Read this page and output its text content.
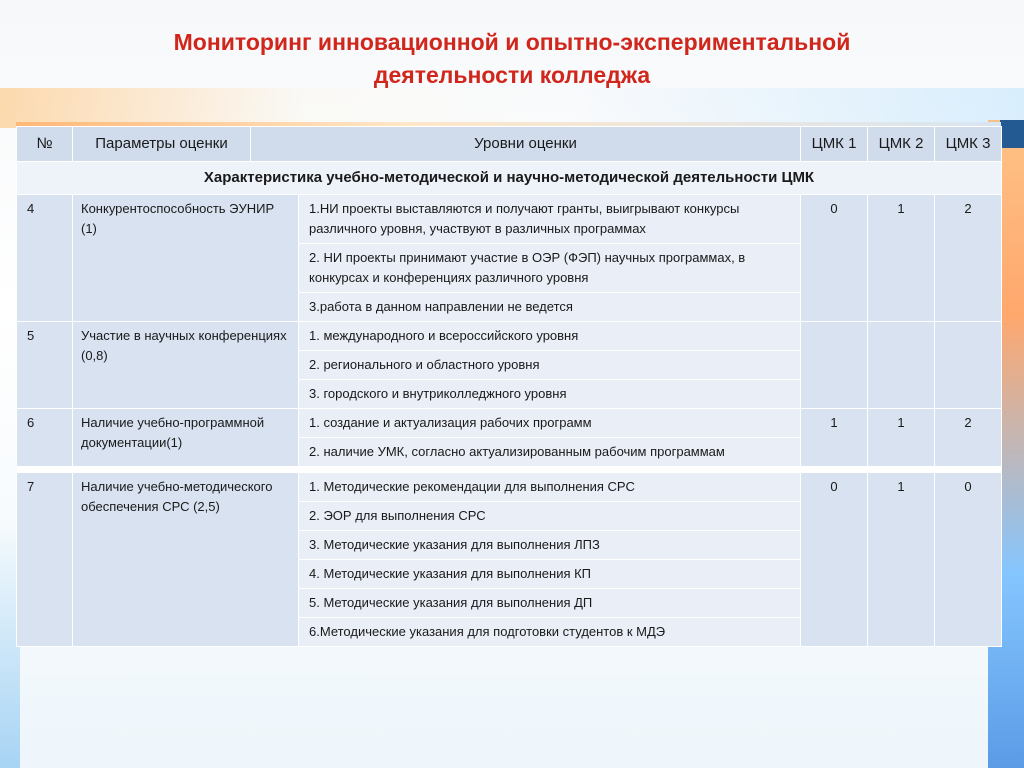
Мониторинг инновационной и опытно-экспериментальной
деятельности колледжа
№	Параметры оценки	Уровни оценки		ЦМК 1	ЦМК 2	ЦМК 3
Характеристика учебно-методической и научно-методической деятельности ЦМК						
4	Конкурентоспособность ЭУНИР (1)		1.НИ проекты выставляются и получают гранты, выигрывают конкурсы различного уровня, участвуют в различных программах	0	1	2
			2. НИ проекты принимают участие в ОЭР (ФЭП) научных программах, в конкурсах и конференциях различного уровня			
			3.работа в данном направлении не ведется			
5	Участие в научных конференциях (0,8)		1. международного и всероссийского уровня			
			2. регионального и областного уровня			
			3. городского и внутриколледжного уровня			
6	Наличие учебно-программной документации(1)		1. создание и актуализация рабочих программ	1	1	2
			2. наличие УМК, согласно актуализированным рабочим программам			

7	Наличие учебно-методического обеспечения СРС (2,5)		1. Методические рекомендации для выполнения СРС	0	1	0
			2. ЭОР для выполнения СРС			
			3. Методические указания для выполнения ЛПЗ			
			4. Методические указания для выполнения КП			
			5. Методические указания для выполнения ДП			
			6.Методические указания для подготовки студентов к МДЭ			
